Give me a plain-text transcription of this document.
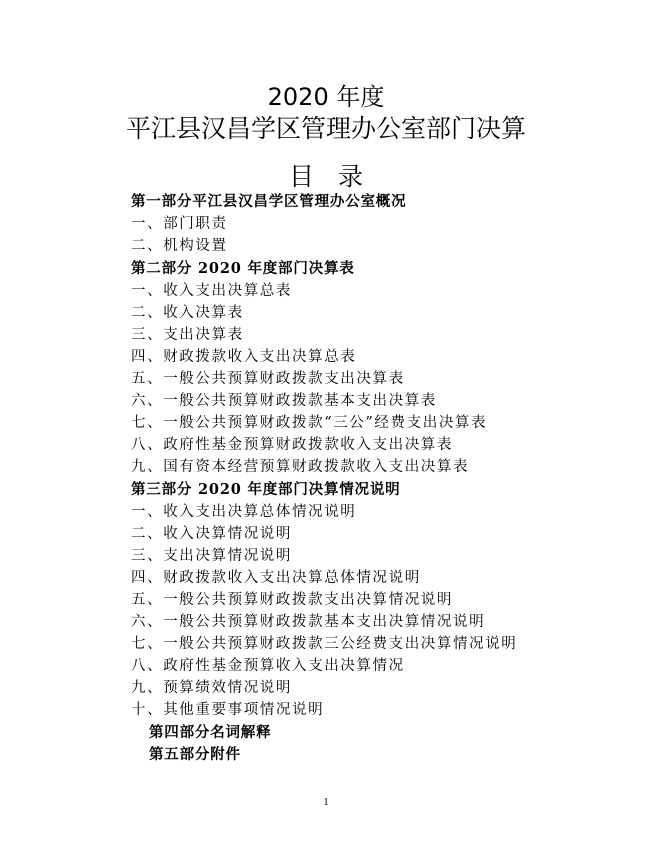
2020 年度
平江县汉昌学区管理办公室部门决算
目录
第一部分平江县汉昌学区管理办公室概况
一、部门职责
二、机构设置
第二部分 2020 年度部门决算表
一、收入支出决算总表
二、收入决算表
三、支出决算表
四、财政拨款收入支出决算总表
五、一般公共预算财政拨款支出决算表
六、一般公共预算财政拨款基本支出决算表
七、一般公共预算财政拨款“三公”经费支出决算表
八、政府性基金预算财政拨款收入支出决算表
九、国有资本经营预算财政拨款收入支出决算表
第三部分 2020 年度部门决算情况说明
一、收入支出决算总体情况说明
二、收入决算情况说明
三、支出决算情况说明
四、财政拨款收入支出决算总体情况说明
五、一般公共预算财政拨款支出决算情况说明
六、一般公共预算财政拨款基本支出决算情况说明
七、一般公共预算财政拨款三公经费支出决算情况说明
八、政府性基金预算收入支出决算情况
九、预算绩效情况说明
十、其他重要事项情况说明
第四部分名词解释
第五部分附件
1
